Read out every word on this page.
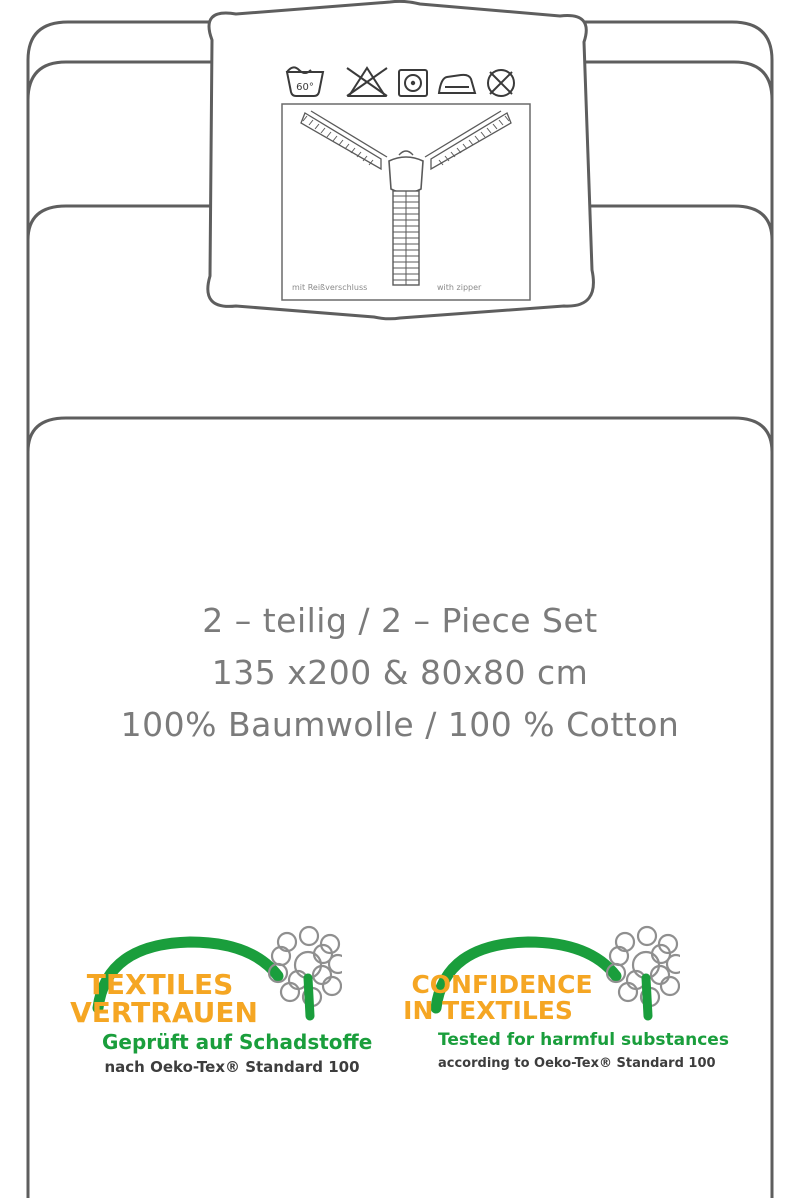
60°
mit Reißverschluss	with zipper
2 – teilig / 2 – Piece Set
135 x200 & 80x80 cm
100% Baumwolle / 100 % Cotton
TEXTILES
VERTRAUEN
Geprüft auf Schadstoffe
nach Oeko-Tex® Standard 100
CONFIDENCE
IN TEXTILES
Tested for harmful substances
according to Oeko-Tex® Standard 100
